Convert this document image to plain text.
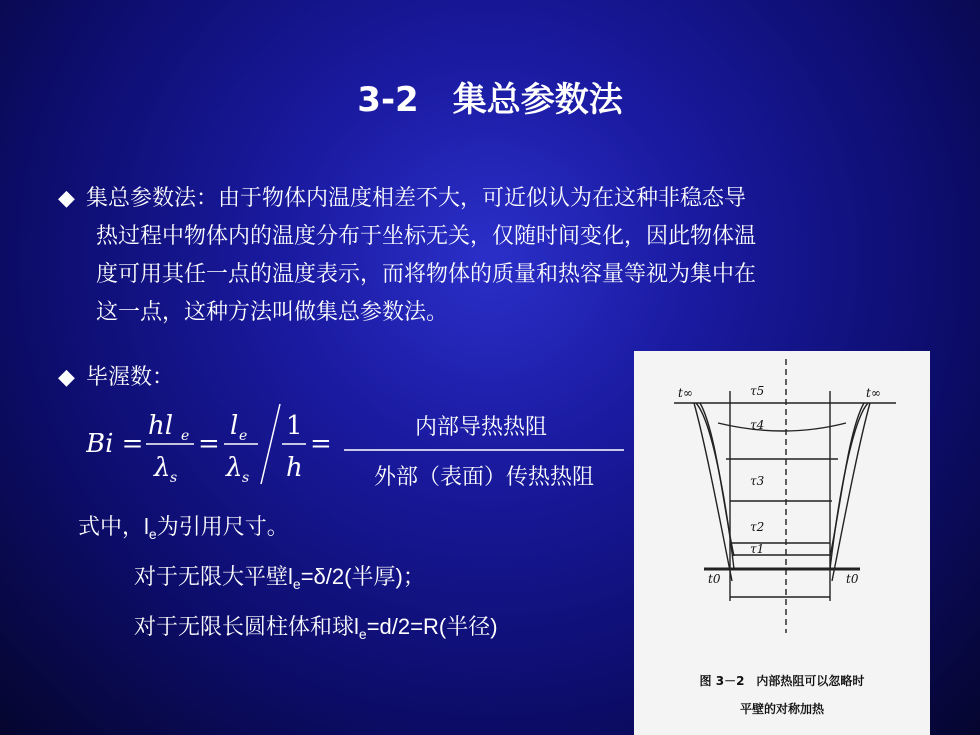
3-2　集总参数法
◆ 集总参数法：由于物体内温度相差不大，可近似认为在这种非稳态导
热过程中物体内的温度分布于坐标无关，仅随时间变化，因此物体温
度可用其任一点的温度表示，而将物体的质量和热容量等视为集中在
这一点，这种方法叫做集总参数法。
◆ 毕渥数：
Bi =
hl e
λ s
=
l e
λ s
1
h
=
内部导热热阻
外部（表面）传热热阻
式中，$l_e$为引用尺寸。
对于无限大平壁$l_e=\delta/2$(半厚)；
对于无限长圆柱体和球$l_e=d/2=R$(半径)
t∞	t∞
τ5
τ4
τ3
τ2
τ1
t0	t0
图 3－2　内部热阻可以忽略时
平壁的对称加热
